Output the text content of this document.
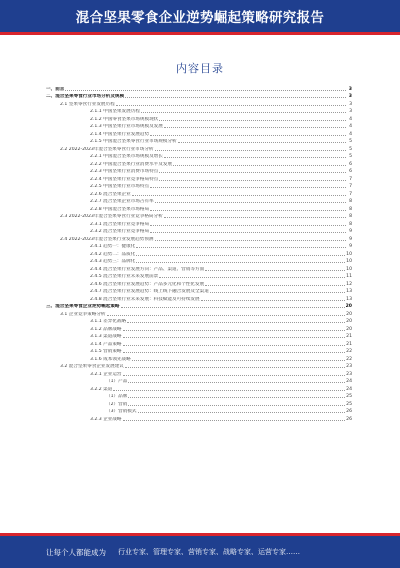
混合坚果零食企业逆势崛起策略研究报告
内容目录
一、前言	3
二、混合坚果零食行业市场分析及规模	3
2.1 坚果零食行业发展历程	3
2.1.1 中国坚果发展历程	3
2.1.2 中国零食坚果市场规模现状	4
2.1.3 中国坚果行业市场规模及发展	4
2.1.4 中国坚果行业发展趋势	4
2.1.5 中国混合坚果零食行业市场规模分析	5
2.2 2022-2023年混合坚果零食行业市场分析	5
2.2.1 中国混合坚果市场规模及增长	5
2.2.2 中国混合坚果行业消费水平及发展	6
2.2.3 中国坚果行业消费市场特点	6
2.2.4 中国坚果行业竞争格局特点	7
2.2.5 中国坚果行业市场特点	7
2.2.6 混合坚果企业	7
2.2.7 混合坚果企业市场占有率	8
2.2.8 中国混合坚果市场格局	8
2.3 2022-2023年混合坚果零食行业竞争格局分析	8
2.3.1 混合坚果行业竞争格局	8
2.3.2 混合坚果行业竞争格局	9
2.4 2022-2023年混合坚果行业发展趋势预测	9
2.4.1 趋势一：健康化	9
2.4.2 趋势二：品质化	10
2.4.3 趋势三：品牌化	10
2.4.4 混合坚果行业发展方向：产品、渠道、营销等方面	10
2.4.5 混合坚果行业未来发展前景	11
2.4.6 混合坚果行业发展趋势：产品多元化和个性化发展	12
2.4.7 混合坚果行业发展趋势：线上线下融合发展及全渠道	13
2.4.8 混合坚果行业未来发展：科技赋能及可持续发展	13
三、混合坚果零食企业逆势崛起策略	20
3.1 企业竞争策略分析	20
3.1.1 差异化战略	20
3.1.2 品牌战略	20
3.1.3 渠道战略	21
3.1.4 产品策略	21
3.1.5 营销策略	22
3.1.6 成本领先战略	22
3.2 混合坚果零食企业发展建议	23
3.2.1 企业运营	23
（1）产品	24
3.2.2 渠道	24
（1）品牌	25
（2）营销	25
（3）营销模式	26
3.2.3 企业战略	26
让每个人都能成为 行业专家、管理专家、营销专家、战略专家、运营专家……
